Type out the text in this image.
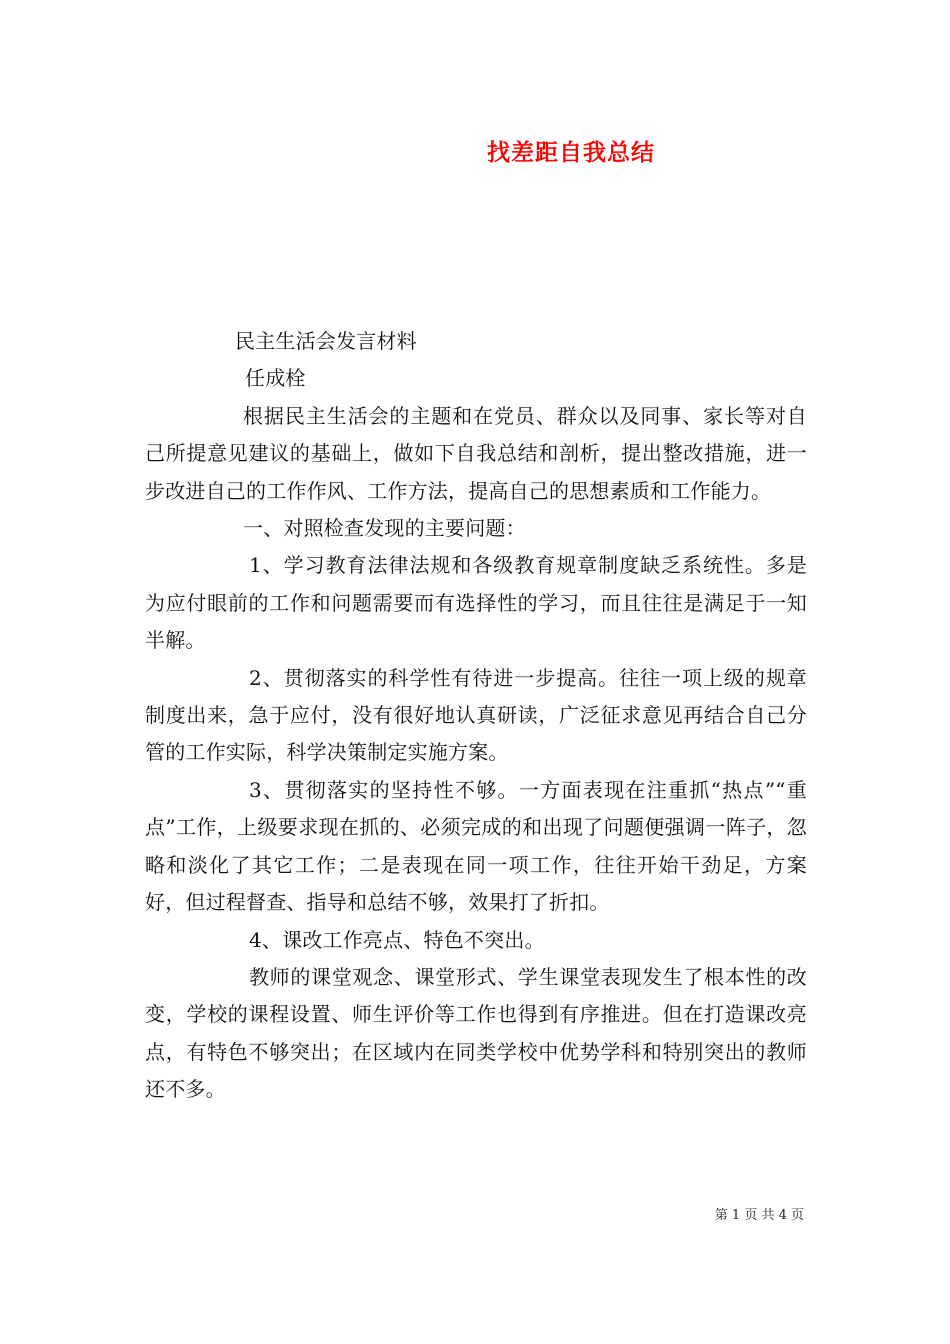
找差距自我总结

民主生活会发言材料

任成栓

根据民主生活会的主题和在党员、群众以及同事、家长等对自己所提意见建议的基础上，做如下自我总结和剖析，提出整改措施，进一步改进自己的工作作风、工作方法，提高自己的思想素质和工作能力。

一、对照检查发现的主要问题：

1、学习教育法律法规和各级教育规章制度缺乏系统性。多是为应付眼前的工作和问题需要而有选择性的学习，而且往往是满足于一知半解。

2、贯彻落实的科学性有待进一步提高。往往一项上级的规章制度出来，急于应付，没有很好地认真研读，广泛征求意见再结合自己分管的工作实际，科学决策制定实施方案。

3、贯彻落实的坚持性不够。一方面表现在注重抓“热点”“重点”工作，上级要求现在抓的、必须完成的和出现了问题便强调一阵子，忽略和淡化了其它工作；二是表现在同一项工作，往往开始干劲足，方案好，但过程督查、指导和总结不够，效果打了折扣。

4、课改工作亮点、特色不突出。

教师的课堂观念、课堂形式、学生课堂表现发生了根本性的改变，学校的课程设置、师生评价等工作也得到有序推进。但在打造课改亮点，有特色不够突出；在区域内在同类学校中优势学科和特别突出的教师还不多。

第 1 页 共 4 页
